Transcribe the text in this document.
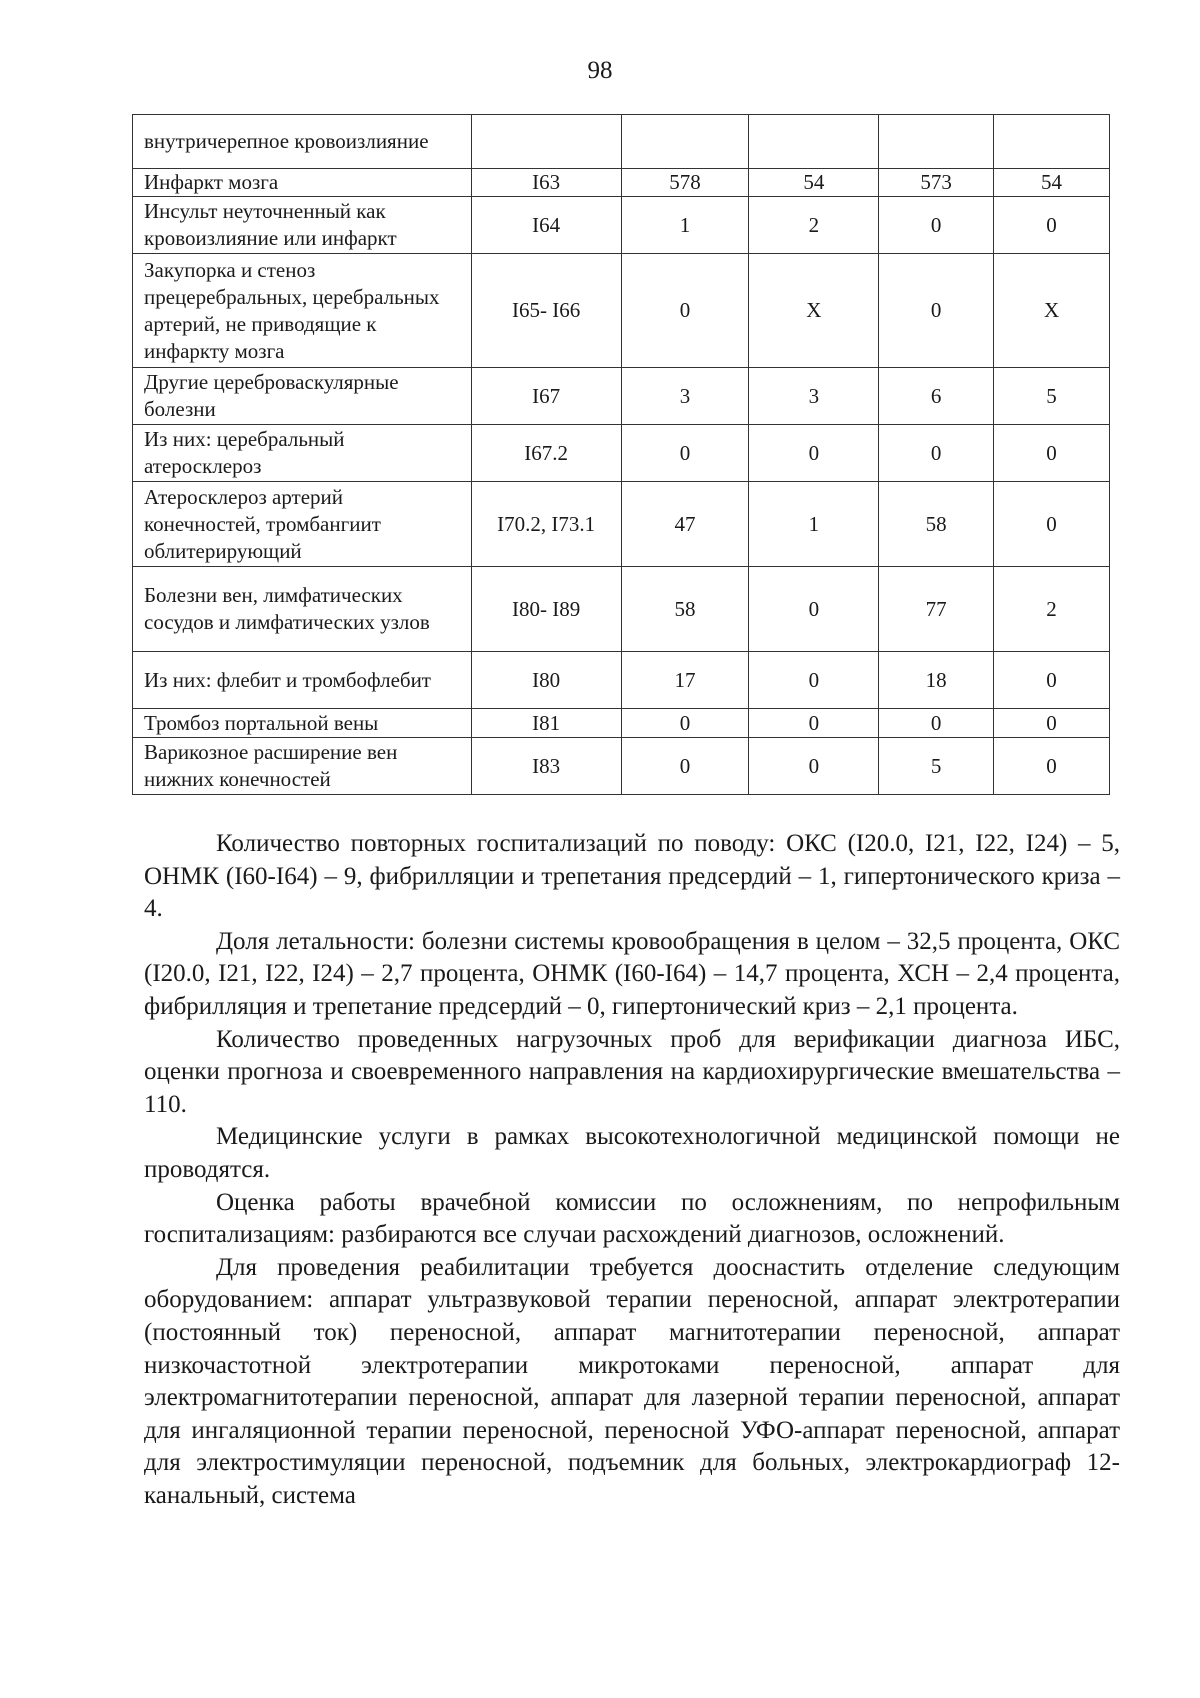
98
внутричерепное кровоизлияние					
Инфаркт мозга	I63	578	54	573	54
Инсульт неуточненный как кровоизлияние или инфаркт	I64	1	2	0	0
Закупорка и стеноз прецеребральных, церебральных артерий, не приводящие к инфаркту мозга	I65- I66	0	X	0	X
Другие цереброваскулярные болезни	I67	3	3	6	5
Из них: церебральный атеросклероз	I67.2	0	0	0	0
Атеросклероз артерий конечностей, тромбангиит облитерирующий	I70.2, I73.1	47	1	58	0
Болезни вен, лимфатических сосудов и лимфатических узлов	I80- I89	58	0	77	2
Из них: флебит и тромбофлебит	I80	17	0	18	0
Тромбоз портальной вены	I81	0	0	0	0
Варикозное расширение вен нижних конечностей	I83	0	0	5	0

Количество повторных госпитализаций по поводу: ОКС (I20.0, I21, I22, I24) – 5, ОНМК (I60-I64) – 9, фибрилляции и трепетания предсердий – 1, гипертонического криза – 4.

Доля летальности: болезни системы кровообращения в целом – 32,5 процента, ОКС (I20.0, I21, I22, I24) – 2,7 процента, ОНМК (I60-I64) – 14,7 процента, ХСН – 2,4 процента, фибрилляция и трепетание предсердий – 0, гипертонический криз – 2,1 процента.

Количество проведенных нагрузочных проб для верификации диагноза ИБС, оценки прогноза и своевременного направления на кардиохирургические вмешательства – 110.

Медицинские услуги в рамках высокотехнологичной медицинской помощи не проводятся.

Оценка работы врачебной комиссии по осложнениям, по непрофильным госпитализациям: разбираются все случаи расхождений диагнозов, осложнений.

Для проведения реабилитации требуется дооснастить отделение следующим оборудованием: аппарат ультразвуковой терапии переносной, аппарат электротерапии (постоянный ток) переносной, аппарат магнитотерапии переносной, аппарат низкочастотной электротерапии микротоками переносной, аппарат для электромагнитотерапии переносной, аппарат для лазерной терапии переносной, аппарат для ингаляционной терапии переносной, переносной УФО-аппарат переносной, аппарат для электростимуляции переносной, подъемник для больных, электрокардиограф 12-канальный, система
